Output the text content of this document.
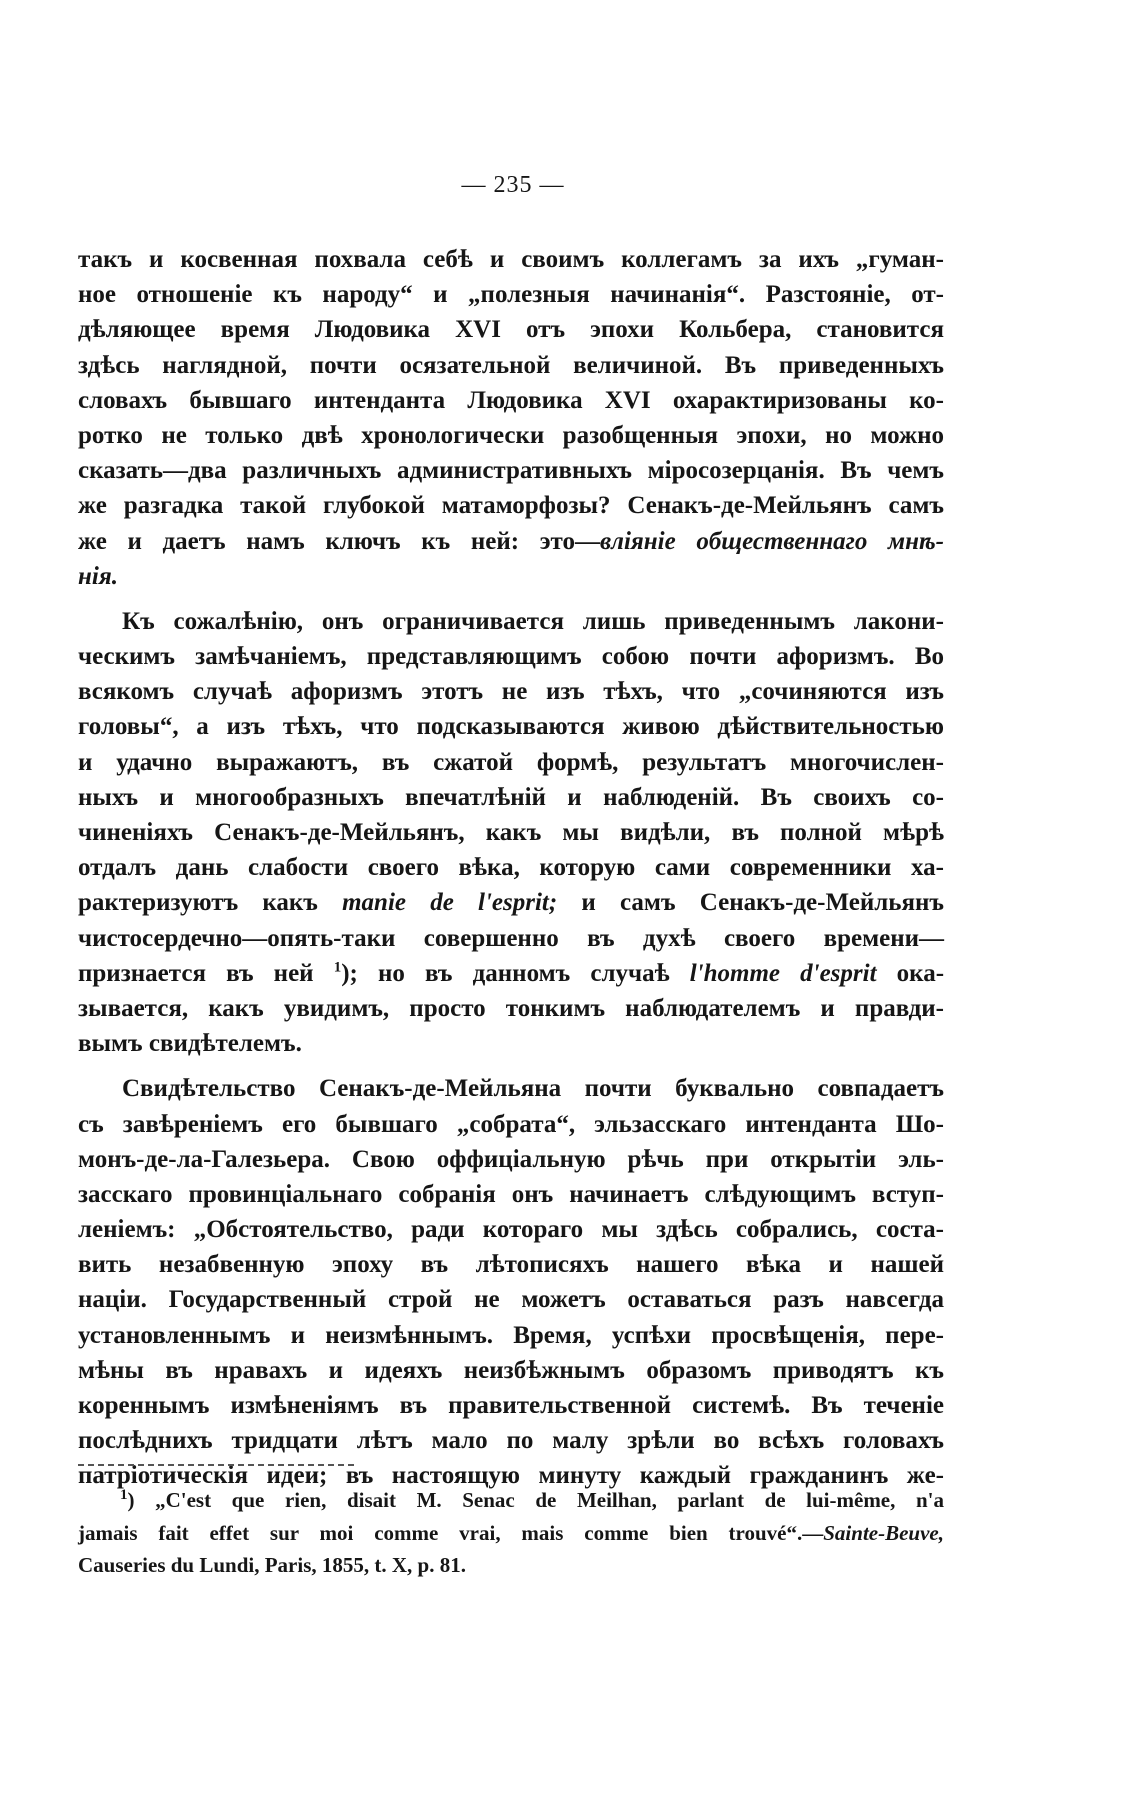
— 235 —
такъ и косвенная похвала себѣ и своимъ коллегамъ за ихъ „гуман-
ное отношеніе къ народу“ и „полезныя начинанія“. Разстояніе, от-
дѣляющее время Людовика XVI отъ эпохи Кольбера, становится
здѣсь наглядной, почти осязательной величиной. Въ приведенныхъ
словахъ бывшаго интенданта Людовика XVI охарактиризованы ко-
ротко не только двѣ хронологически разобщенныя эпохи, но можно
сказать—два различныхъ административныхъ міросозерцанія. Въ чемъ
же разгадка такой глубокой матаморфозы? Сенакъ-де-Мейльянъ самъ
же и даетъ намъ ключъ къ ней: это—вліяніе общественнаго мнѣ-
нія.
Къ сожалѣнію, онъ ограничивается лишь приведеннымъ лакони-
ческимъ замѣчаніемъ, представляющимъ собою почти афоризмъ. Во
всякомъ случаѣ афоризмъ этотъ не изъ тѣхъ, что „сочиняются изъ
головы“, а изъ тѣхъ, что подсказываются живою дѣйствительностью
и удачно выражаютъ, въ сжатой формѣ, результатъ многочислен-
ныхъ и многообразныхъ впечатлѣній и наблюденій. Въ своихъ со-
чиненіяхъ Сенакъ-де-Мейльянъ, какъ мы видѣли, въ полной мѣрѣ
отдалъ дань слабости своего вѣка, которую сами современники ха-
рактеризуютъ какъ manie de l'esprit; и самъ Сенакъ-де-Мейльянъ
чистосердечно—опять-таки совершенно въ духѣ своего времени—
признается въ ней $^1$); но въ данномъ случаѣ l'homme d'esprit ока-
зывается, какъ увидимъ, просто тонкимъ наблюдателемъ и правди-
вымъ свидѣтелемъ.
Свидѣтельство Сенакъ-де-Мейльяна почти буквально совпадаетъ
съ завѣреніемъ его бывшаго „собрата“, эльзасскаго интенданта Шо-
монъ-де-ла-Галезьера. Свою оффиціальную рѣчь при открытіи эль-
засскаго провинціальнаго собранія онъ начинаетъ слѣдующимъ вступ-
леніемъ: „Обстоятельство, ради котораго мы здѣсь собрались, соста-
вить незабвенную эпоху въ лѣтописяхъ нашего вѣка и нашей
націи. Государственный строй не можетъ оставаться разъ навсегда
установленнымъ и неизмѣннымъ. Время, успѣхи просвѣщенія, пере-
мѣны въ нравахъ и идеяхъ неизбѣжнымъ образомъ приводятъ къ
кореннымъ измѣненіямъ въ правительственной системѣ. Въ теченіе
послѣднихъ тридцати лѣтъ мало по малу зрѣли во всѣхъ головахъ
патріотическія идеи; въ настоящую минуту каждый гражданинъ же-
$^1$) „C'est que rien, disait M. Senac de Meilhan, parlant de lui-même, n'a
jamais fait effet sur moi comme vrai, mais comme bien trouvé“.—Sainte-Beuve,
Causeries du Lundi, Paris, 1855, t. X, p. 81.
